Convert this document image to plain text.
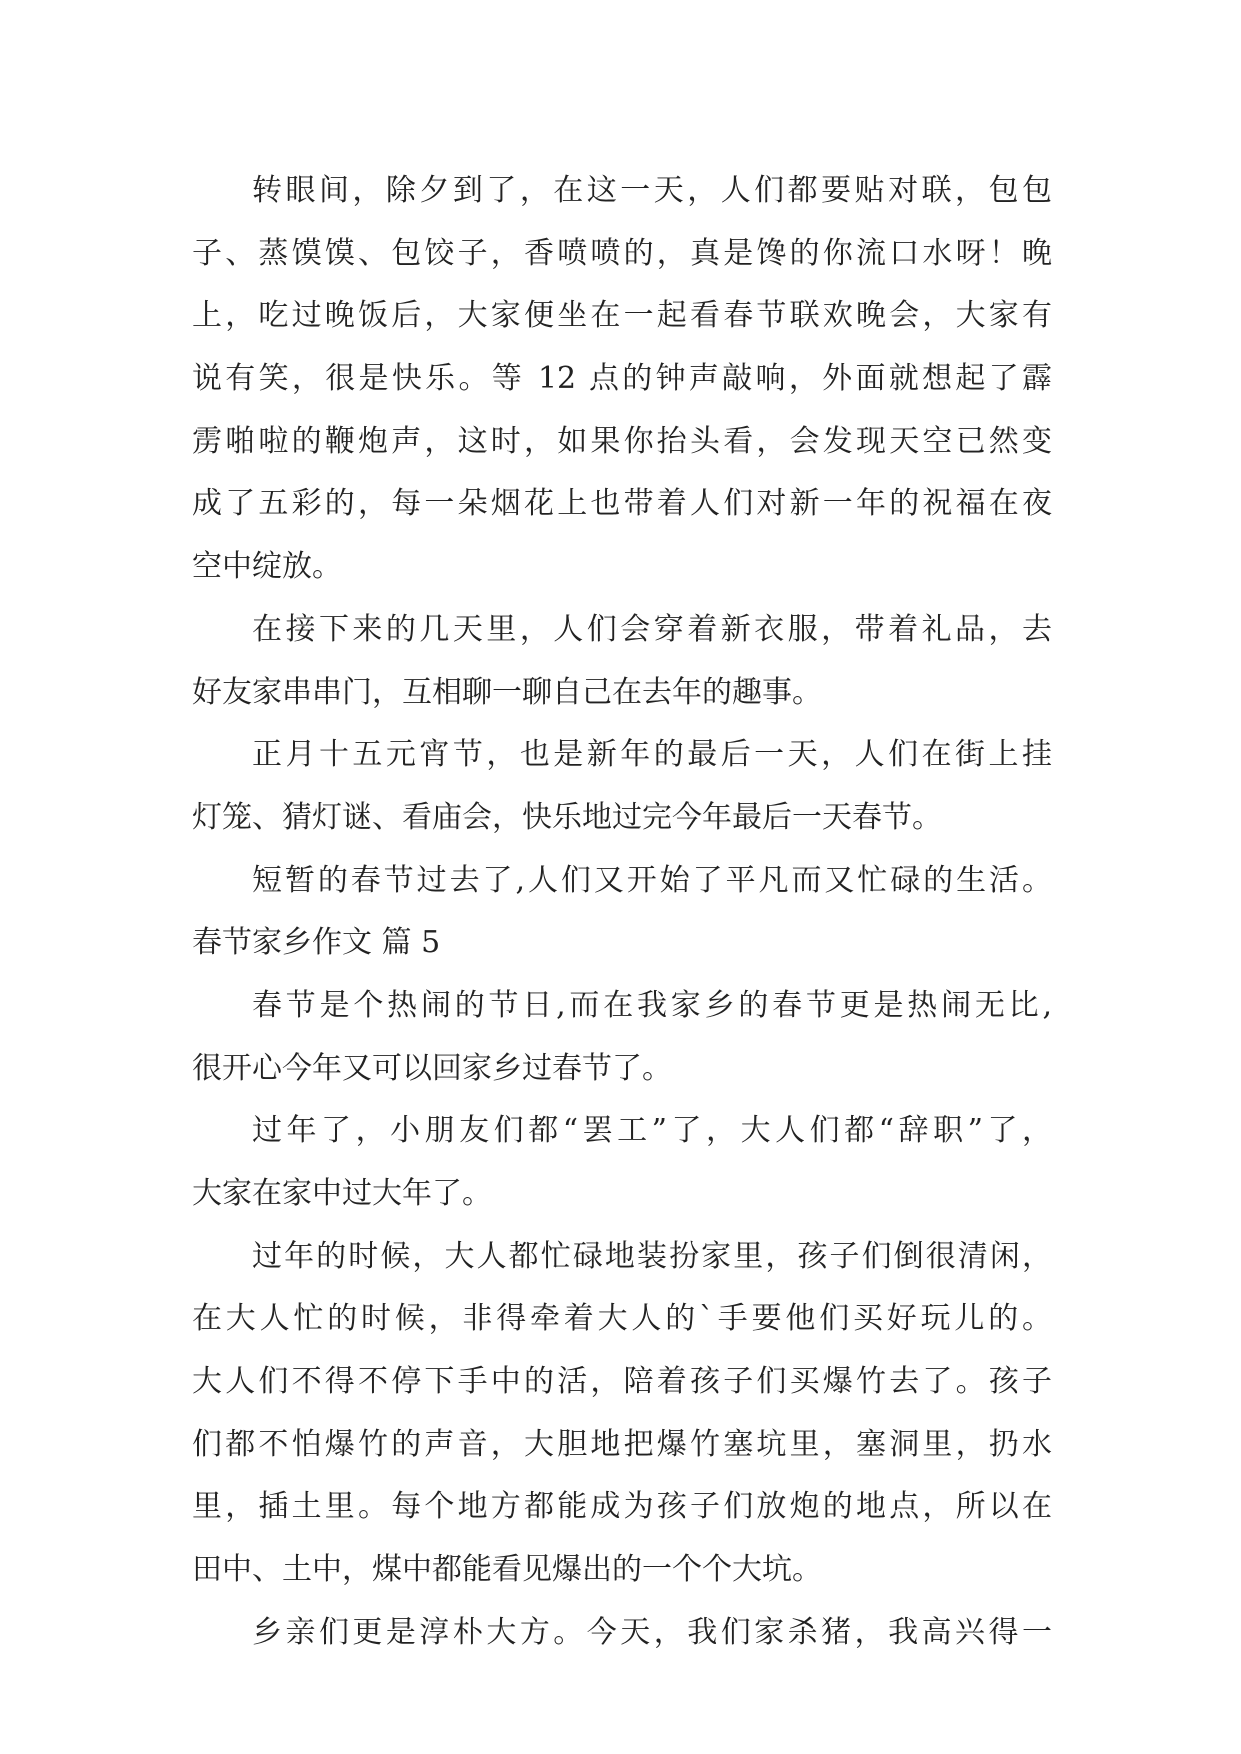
转眼间，除夕到了，在这一天，人们都要贴对联，包包
子、蒸馍馍、包饺子，香喷喷的，真是馋的你流口水呀！晚
上，吃过晚饭后，大家便坐在一起看春节联欢晚会，大家有
说有笑，很是快乐。等 12 点的钟声敲响，外面就想起了霹
雳啪啦的鞭炮声，这时，如果你抬头看，会发现天空已然变
成了五彩的，每一朵烟花上也带着人们对新一年的祝福在夜
空中绽放。
在接下来的几天里，人们会穿着新衣服，带着礼品，去
好友家串串门，互相聊一聊自己在去年的趣事。
正月十五元宵节，也是新年的最后一天，人们在街上挂
灯笼、猜灯谜、看庙会，快乐地过完今年最后一天春节。
短暂的春节过去了,人们又开始了平凡而又忙碌的生活。
春节家乡作文 篇 5
春节是个热闹的节日,而在我家乡的春节更是热闹无比,
很开心今年又可以回家乡过春节了。
过年了，小朋友们都“罢工”了，大人们都“辞职”了，
大家在家中过大年了。
过年的时候，大人都忙碌地装扮家里，孩子们倒很清闲，
在大人忙的时候，非得牵着大人的`手要他们买好玩儿的。
大人们不得不停下手中的活，陪着孩子们买爆竹去了。孩子
们都不怕爆竹的声音，大胆地把爆竹塞坑里，塞洞里，扔水
里，插土里。每个地方都能成为孩子们放炮的地点，所以在
田中、土中，煤中都能看见爆出的一个个大坑。
乡亲们更是淳朴大方。今天，我们家杀猪，我高兴得一
